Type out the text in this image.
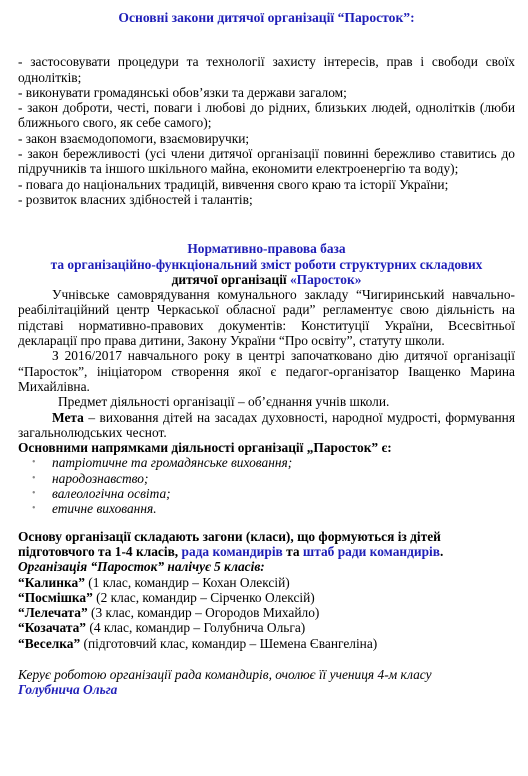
Основні закони дитячої організації “Паросток”:

- застосовувати процедури та технології захисту інтересів, прав і свободи своїх однолітків;

- виконувати громадянські обов’язки та держави загалом;

- закон доброти, честі, поваги і любові до рідних, близьких людей, однолітків (люби ближнього свого, як себе самого);

- закон взаємодопомоги, взаємовиручки;

- закон бережливості (усі члени дитячої організації повинні бережливо ставитись до підручників та іншого шкільного майна, економити електроенергію та воду);

- повага до національних традицій, вивчення свого краю та історії України;

- розвиток власних здібностей і талантів;

Нормативно-правова база
та організаційно-функціональний зміст роботи структурних складових
дитячої організації «Паросток»

Учнівське самоврядування комунального закладу “Чигиринський навчально-реабілітаційний центр Черкаської обласної ради” регламентує свою діяльність на підставі нормативно-правових документів: Конституції України, Всесвітньої декларації про права дитини, Закону України “Про освіту”, статуту школи.

З 2016/2017 навчального року в центрі започатковано дію дитячої організації “Паросток”, ініціатором створення якої є педагог-організатор Іващенко Марина Михайлівна.

Предмет діяльності організації – об’єднання учнів школи.

Мета – виховання дітей на засадах духовності, народної мудрості, формування загальнолюдських чеснот.

Основними напрямками діяльності організації „Паросток” є:

• патріотичне та громадянське виховання;
• народознавство;
• валеологічна освіта;
• етичне виховання.

Основу організації складають загони (класи), що формуються із дітей підготовчого та 1-4 класів, рада командирів та штаб ради командирів.

Організація “Паросток” налічує 5 класів:

“Калинка” (1 клас, командир – Кохан Олексій)

“Посмішка” (2 клас, командир – Сірченко Олексій)

“Лелечата” (3 клас, командир – Огородов Михайло)

“Козачата” (4 клас, командир – Голубнича Ольга)

“Веселка” (підготовчий клас, командир – Шемена Євангеліна)

Керує роботою організації рада командирів, очолює її учениця 4-м класу
Голубнича Ольга
